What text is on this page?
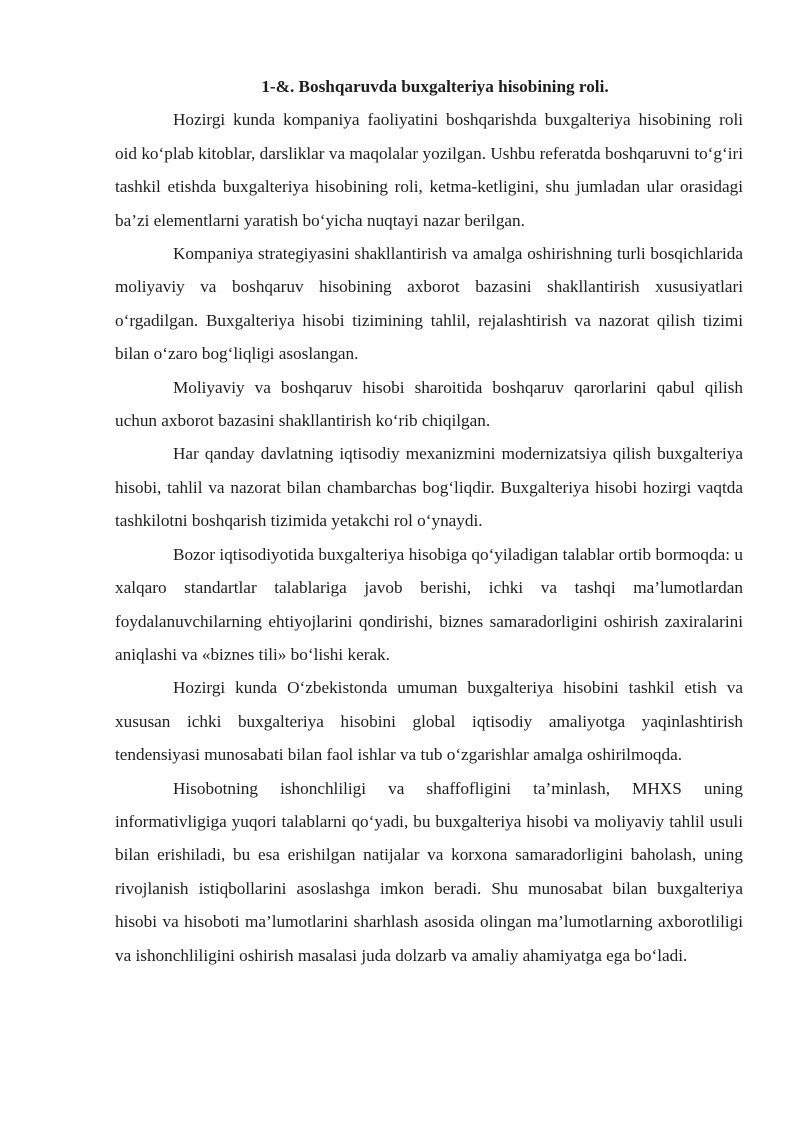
1-&. Boshqaruvda buxgalteriya hisobining roli.

Hozirgi kunda kompaniya faoliyatini boshqarishda buxgalteriya hisobining roli oid ko‘plab kitoblar, darsliklar va maqolalar yozilgan. Ushbu referatda boshqaruvni to‘g‘iri tashkil etishda buxgalteriya hisobining roli, ketma-ketligini, shu jumladan ular orasidagi ba’zi elementlarni yaratish bo‘yicha nuqtayi nazar berilgan.

Kompaniya strategiyasini shakllantirish va amalga oshirishning turli bosqichlarida moliyaviy va boshqaruv hisobining axborot bazasini shakllantirish xususiyatlari o‘rgadilgan. Buxgalteriya hisobi tizimining tahlil, rejalashtirish va nazorat qilish tizimi bilan o‘zaro bog‘liqligi asoslangan.

Moliyaviy va boshqaruv hisobi sharoitida boshqaruv qarorlarini qabul qilish uchun axborot bazasini shakllantirish ko‘rib chiqilgan.

Har qanday davlatning iqtisodiy mexanizmini modernizatsiya qilish buxgalteriya hisobi, tahlil va nazorat bilan chambarchas bog‘liqdir. Buxgalteriya hisobi hozirgi vaqtda tashkilotni boshqarish tizimida yetakchi rol o‘ynaydi.

Bozor iqtisodiyotida buxgalteriya hisobiga qo‘yiladigan talablar ortib bormoqda: u xalqaro standartlar talablariga javob berishi, ichki va tashqi ma’lumotlardan foydalanuvchilarning ehtiyojlarini qondirishi, biznes samaradorligini oshirish zaxiralarini aniqlashi va «biznes tili» bo‘lishi kerak.

Hozirgi kunda O‘zbekistonda umuman buxgalteriya hisobini tashkil etish va xususan ichki buxgalteriya hisobini global iqtisodiy amaliyotga yaqinlashtirish tendensiyasi munosabati bilan faol ishlar va tub o‘zgarishlar amalga oshirilmoqda.

Hisobotning ishonchliligi va shaffofligini ta’minlash, MHXS uning informativligiga yuqori talablarni qo‘yadi, bu buxgalteriya hisobi va moliyaviy tahlil usuli bilan erishiladi, bu esa erishilgan natijalar va korxona samaradorligini baholash, uning rivojlanish istiqbollarini asoslashga imkon beradi. Shu munosabat bilan buxgalteriya hisobi va hisoboti ma’lumotlarini sharhlash asosida olingan ma’lumotlarning axborotliligi va ishonchliligini oshirish masalasi juda dolzarb va amaliy ahamiyatga ega bo‘ladi.
